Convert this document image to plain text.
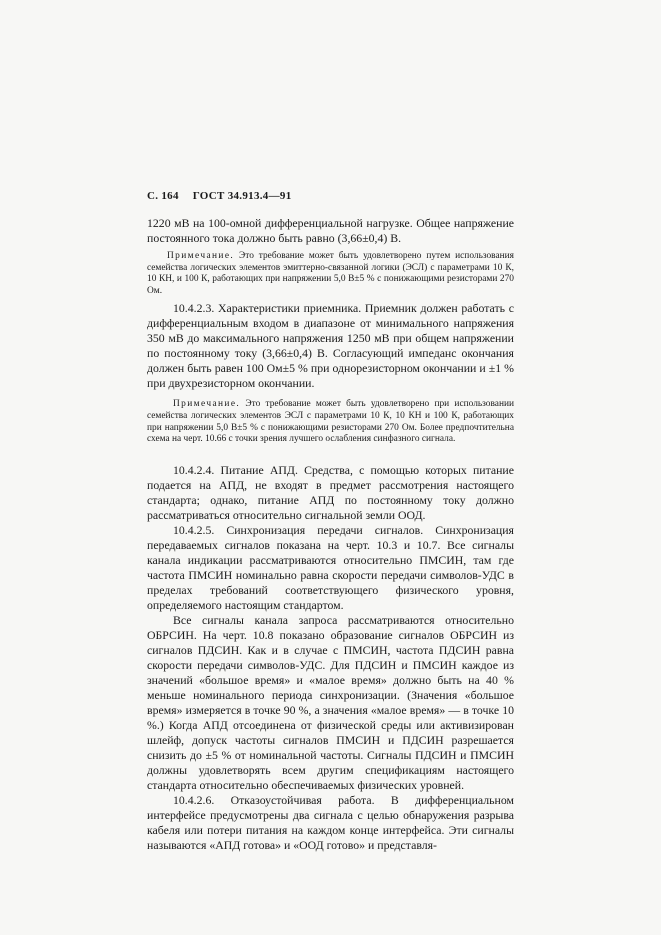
С. 164 ГОСТ 34.913.4—91

1220 мВ на 100-омной дифференциальной нагрузке. Общее напряжение постоянного тока должно быть равно (3,66±0,4) В.

Примечание. Это требование может быть удовлетворено путем использования семейства логических элементов эмиттерно-связанной логики (ЭСЛ) с параметрами 10 К, 10 КН, и 100 К, работающих при напряжении 5,0 В±5 % с понижающими резисторами 270 Ом.

10.4.2.3. Характеристики приемника. Приемник должен работать с дифференциальным входом в диапазоне от минимального напряжения 350 мВ до максимального напряжения 1250 мВ при общем напряжении по постоянному току (3,66±0,4) В. Согласующий импеданс окончания должен быть равен 100 Ом±5 % при однорезисторном окончании и ±1 % при двухрезисторном окончании.

Примечание. Это требование может быть удовлетворено при использовании семейства логических элементов ЭСЛ с параметрами 10 К, 10 КН и 100 К, работающих при напряжении 5,0 В±5 % с понижающими резисторами 270 Ом. Более предпочтительна схема на черт. 10.66 с точки зрения лучшего ослабления синфазного сигнала.

10.4.2.4. Питание АПД. Средства, с помощью которых питание подается на АПД, не входят в предмет рассмотрения настоящего стандарта; однако, питание АПД по постоянному току должно рассматриваться относительно сигнальной земли ООД.

10.4.2.5. Синхронизация передачи сигналов. Синхронизация передаваемых сигналов показана на черт. 10.3 и 10.7. Все сигналы канала индикации рассматриваются относительно ПМСИН, там где частота ПМСИН номинально равна скорости передачи символов-УДС в пределах требований соответствующего физического уровня, определяемого настоящим стандартом.

Все сигналы канала запроса рассматриваются относительно ОБРСИН. На черт. 10.8 показано образование сигналов ОБРСИН из сигналов ПДСИН. Как и в случае с ПМСИН, частота ПДСИН равна скорости передачи символов-УДС. Для ПДСИН и ПМСИН каждое из значений «большое время» и «малое время» должно быть на 40 % меньше номинального периода синхронизации. (Значения «большое время» измеряется в точке 90 %, а значения «малое время» — в точке 10 %.) Когда АПД отсоединена от физической среды или активизирован шлейф, допуск частоты сигналов ПМСИН и ПДСИН разрешается снизить до ±5 % от номинальной частоты. Сигналы ПДСИН и ПМСИН должны удовлетворять всем другим спецификациям настоящего стандарта относительно обеспечиваемых физических уровней.

10.4.2.6. Отказоустойчивая работа. В дифференциальном интерфейсе предусмотрены два сигнала с целью обнаружения разрыва кабеля или потери питания на каждом конце интерфейса. Эти сигналы называются «АПД готова» и «ООД готово» и представля-
